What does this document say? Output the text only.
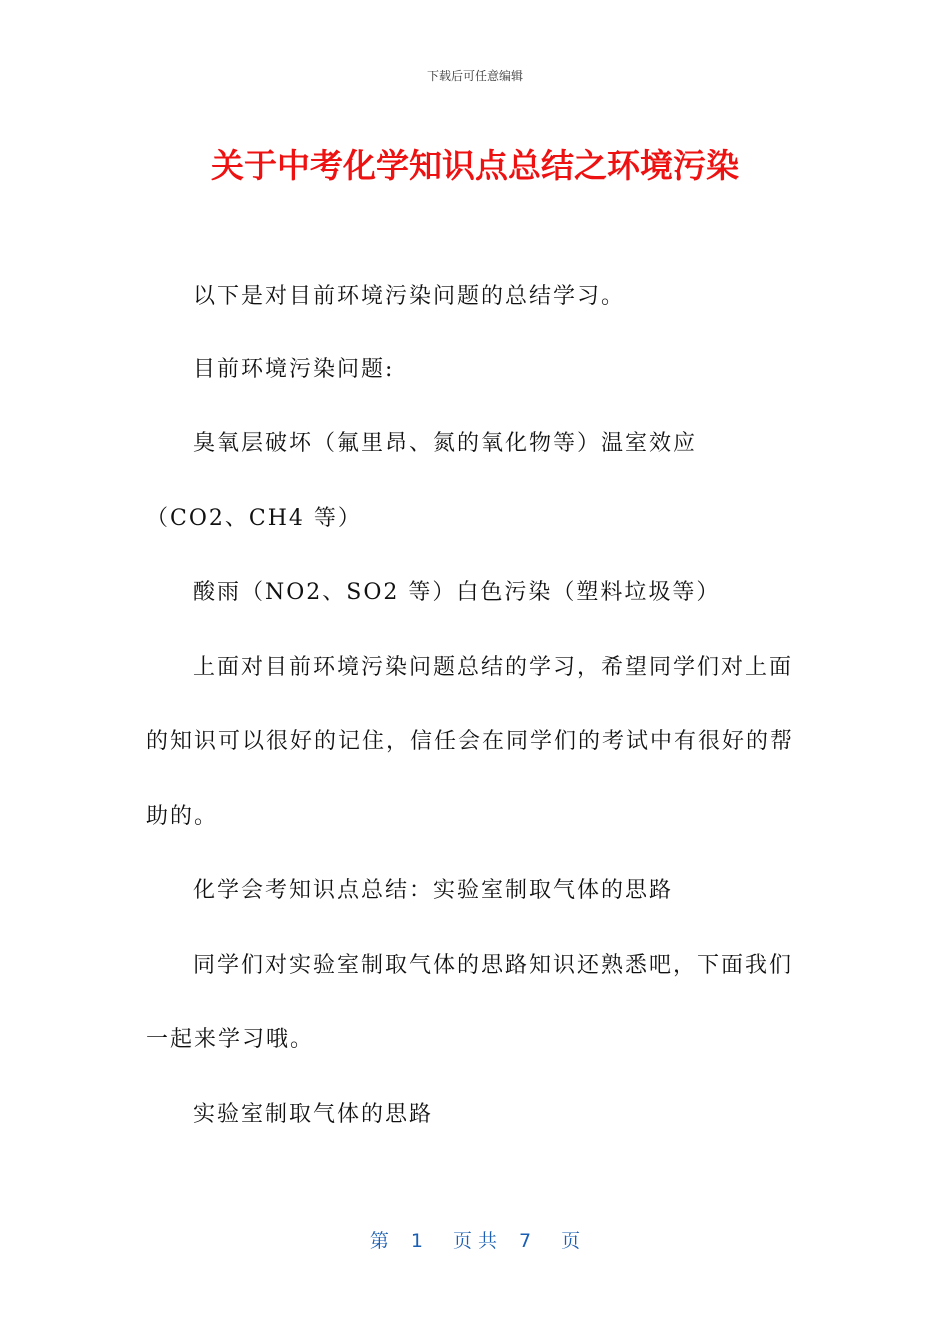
下载后可任意编辑
关于中考化学知识点总结之环境污染
以下是对目前环境污染问题的总结学习。
目前环境污染问题:
臭氧层破坏（氟里昂、氮的氧化物等）温室效应
（CO2、CH4 等）
酸雨（NO2、SO2 等）白色污染（塑料垃圾等）
上面对目前环境污染问题总结的学习，希望同学们对上面
的知识可以很好的记住，信任会在同学们的考试中有很好的帮
助的。
化学会考知识点总结：实验室制取气体的思路
同学们对实验室制取气体的思路知识还熟悉吧，下面我们
一起来学习哦。
实验室制取气体的思路
第 1 页 共 7 页
